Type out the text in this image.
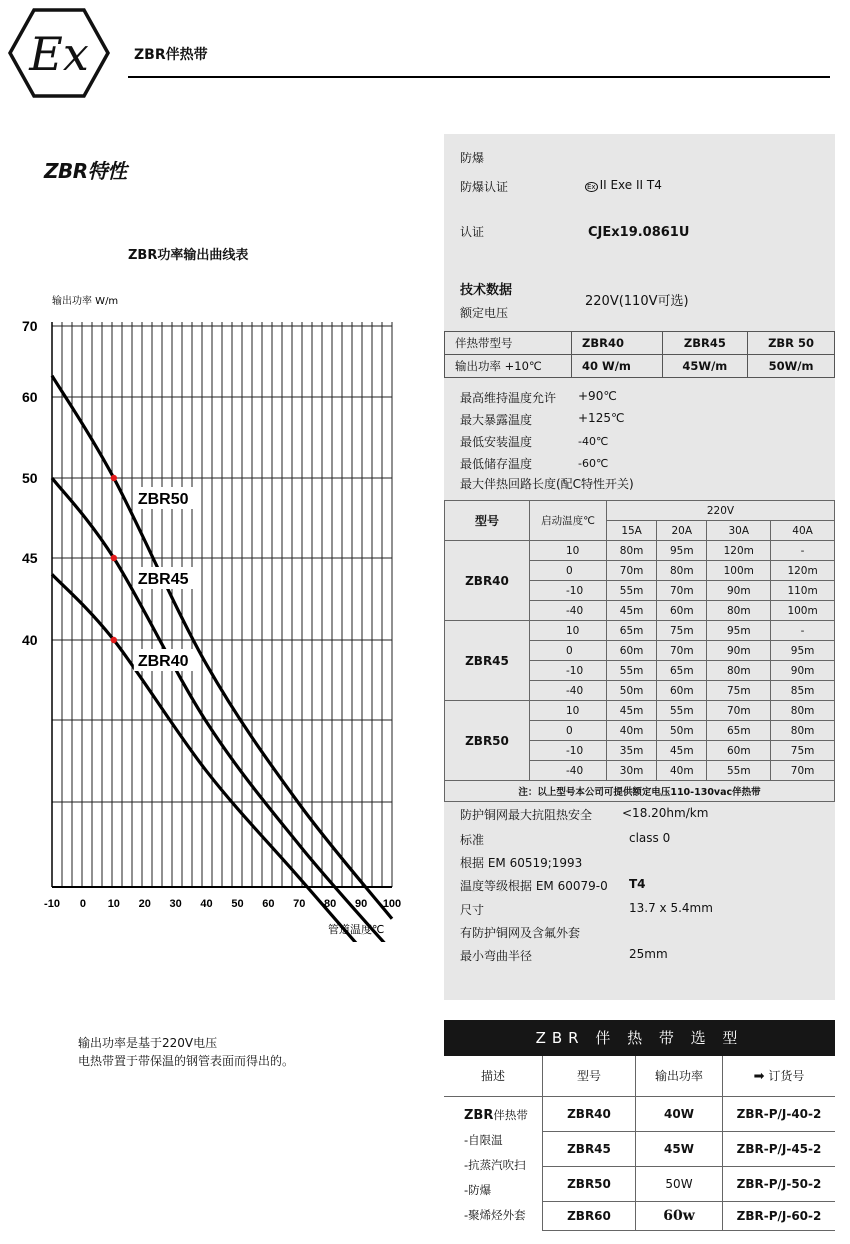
Ex	ZBR伴热带
ZBR特性
ZBR功率输出曲线表
ZBR50
ZBR45
ZBR40
70
60
50
45
40
-10 0 10 20 30 40 50 60 70 80 90 100
输出功率 W/m
管道温度℃
输出功率是基于220V电压
电热带置于带保温的钢管表面而得出的。
防爆
防爆认证	Ex II Exe II T4
认证	CJEx19.0861U
技术数据
额定电压
220V(110V可选)
伴热带型号	ZBR40	ZBR45	ZBR 50
输出功率 +10℃	40 W/m	45W/m	50W/m
最高维持温度允许 +90℃
最大暴露温度	+125℃
最低安装温度	-40℃
最低储存温度	-60℃
最大伴热回路长度(配C特性开关)
型号	启动温度℃	220V			
		15A	20A	30A	40A
ZBR40	10	80m	95m	120m	-
	0	70m	80m	100m	120m
	-10	55m	70m	90m	110m
	-40	45m	60m	80m	100m
ZBR45	10	65m	75m	95m	-
	0	60m	70m	90m	95m
	-10	55m	65m	80m	90m
	-40	50m	60m	75m	85m
ZBR50	10	45m	55m	70m	80m
	0	40m	50m	65m	80m
	-10	35m	45m	60m	75m
	-40	30m	40m	55m	70m
注：以上型号本公司可提供额定电压110-130vac伴热带					
防护铜网最大抗阻热安全 <18.20hm/km
标准	class 0
根据 EM 60519;1993
温度等级根据 EM 60079-0 T4
尺寸	13.7 x 5.4mm
有防护铜网及含氟外套
最小弯曲半径	25mm
ZBR 伴 热 带 选 型
描述	型号	输出功率	➡ 订货号
ZBR伴热带
-自限温
-抗蒸汽吹扫
-防爆
-聚烯烃外套	ZBR40	40W	ZBR-P/J-40-2
	ZBR45	45W	ZBR-P/J-45-2
	ZBR50	50W	ZBR-P/J-50-2
	ZBR60	60w	ZBR-P/J-60-2
